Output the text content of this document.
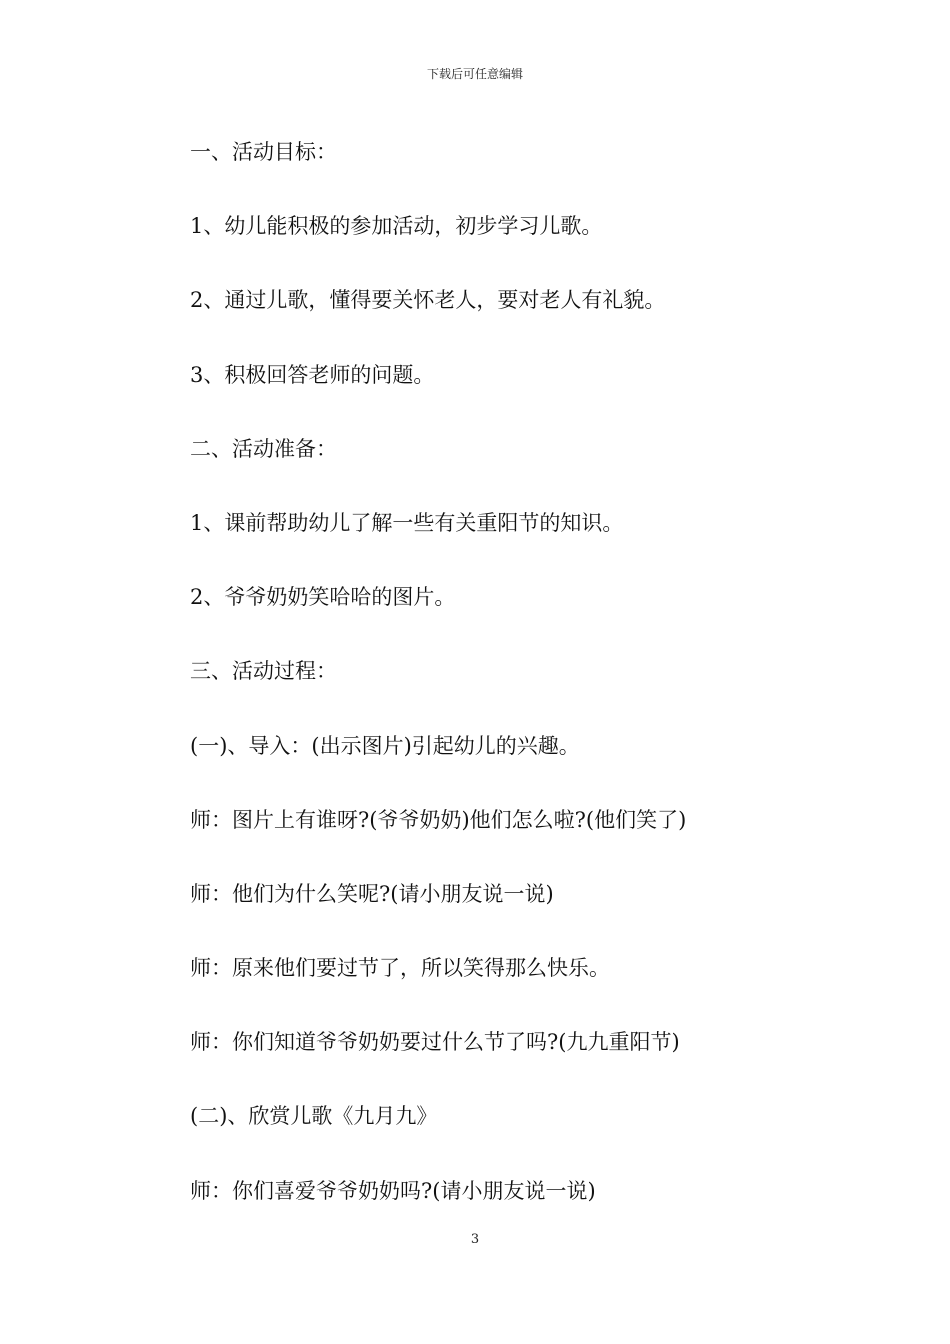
下载后可任意编辑

一、活动目标：

1、幼儿能积极的参加活动，初步学习儿歌。

2、通过儿歌，懂得要关怀老人，要对老人有礼貌。

3、积极回答老师的问题。

二、活动准备：

1、课前帮助幼儿了解一些有关重阳节的知识。

2、爷爷奶奶笑哈哈的图片。

三、活动过程：

(一)、导入：(出示图片)引起幼儿的兴趣。

师：图片上有谁呀?(爷爷奶奶)他们怎么啦?(他们笑了)

师：他们为什么笑呢?(请小朋友说一说)

师：原来他们要过节了，所以笑得那么快乐。

师：你们知道爷爷奶奶要过什么节了吗?(九九重阳节)

(二)、欣赏儿歌《九月九》

师：你们喜爱爷爷奶奶吗?(请小朋友说一说)

3
